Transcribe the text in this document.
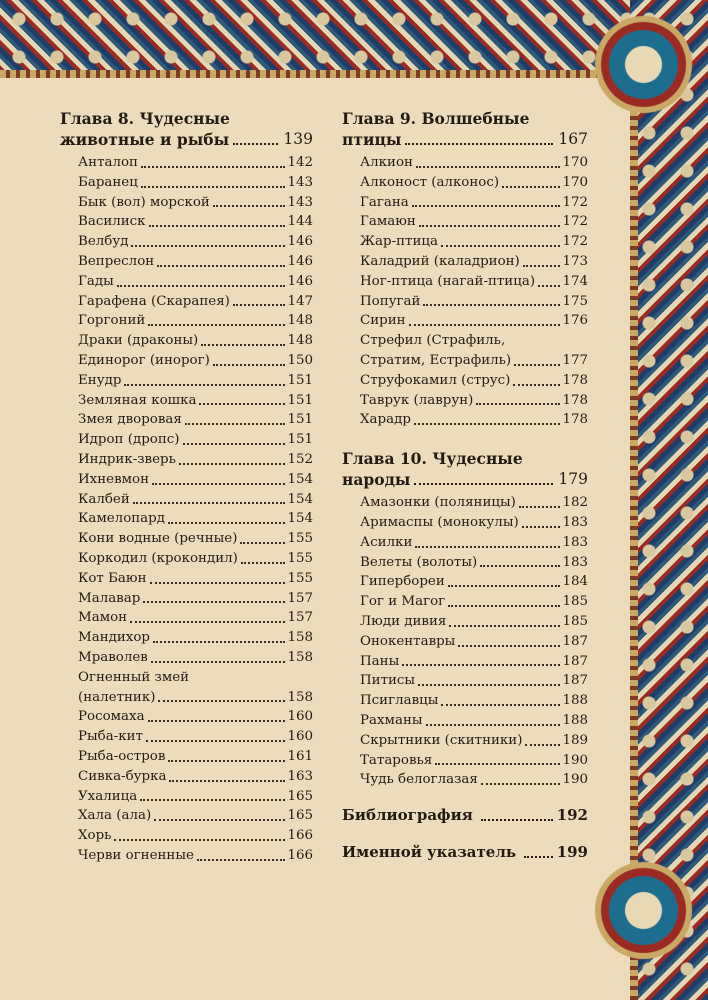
Глава 8. Чудесные
животные и рыбы	139
Анталоп	142
Баранец	143
Бык (вол) морской	143
Василиск	144
Велбуд	146
Вепреслон	146
Гады	146
Гарафена (Скарапея)	147
Горгоний	148
Драки (драконы)	148
Единорог (инорог)	150
Енудр	151
Земляная кошка	151
Змея дворовая	151
Идроп (дропс)	151
Индрик-зверь	152
Ихневмон	154
Калбей	154
Камелопард	154
Кони водные (речные)	155
Коркодил (крокондил)	155
Кот Баюн	155
Малавар	157
Мамон	157
Мандихор	158
Мраволев	158
Огненный змей
(налетник)	158
Росомаха	160
Рыба-кит	160
Рыба-остров	161
Сивка-бурка	163
Ухалица	165
Хала (ала)	165
Хорь	166
Черви огненные	166
Глава 9. Волшебные
птицы	167
Алкион	170
Алконост (алконос)	170
Гагана	172
Гамаюн	172
Жар-птица	172
Каладрий (каладрион)	173
Ног-птица (нагай-птица) 174
Попугай	175
Сирин	176
Стрефил (Страфиль,
Стратим, Естрафиль)	177
Струфокамил (струс)	178
Таврук (лаврун)	178
Харадр	178
Глава 10. Чудесные
народы	179
Амазонки (поляницы)	182
Аримаспы (монокулы)	183
Асилки	183
Велеты (волоты)	183
Гипербореи	184
Гог и Магог	185
Люди дивия	185
Онокентавры	187
Паны	187
Питисы	187
Псиглавцы	188
Рахманы	188
Скрытники (скитники)	189
Татаровья	190
Чудь белоглазая	190
Библиография	192
Именной указатель	199
